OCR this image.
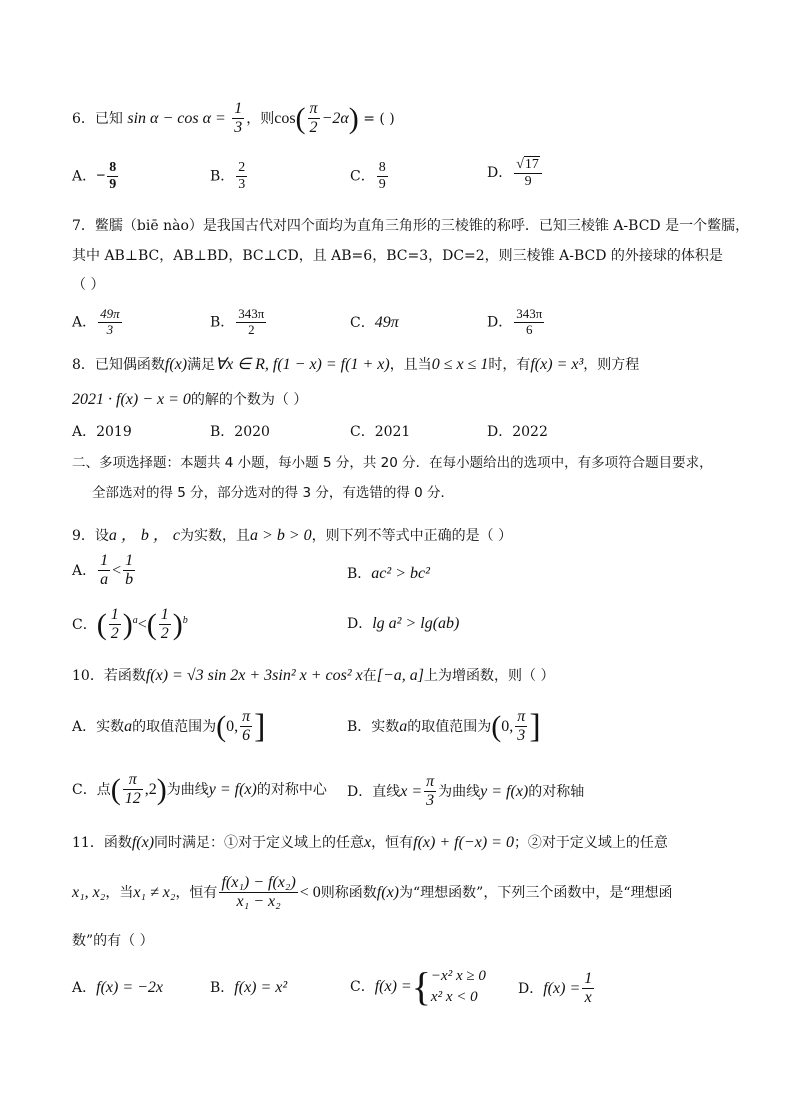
6．已知 $\sin \alpha - \cos \alpha = \frac{1}{3}$ ，则$\cos( \frac{\pi}{2} -2\alpha)$ = ( )
A．− $\frac{8}{9}$	B． $\frac{2}{3}$	C． $\frac{8}{9}$	D． $\frac{√17}{9}$
7．鳖臑（biē nào）是我国古代对四个面均为直角三角形的三棱锥的称呼．已知三棱锥 A-BCD 是一个鳖臑，
其中 AB⊥BC，AB⊥BD，BC⊥CD，且 AB=6，BC=3，DC=2，则三棱锥 A-BCD 的外接球的体积是
（ ）
A． $\frac{49\pi}{3}$	B． $\frac{343\pi}{2}$	C．49π	D． $\frac{343\pi}{6}$
8．已知偶函数f(x)满足∀x ∈ R, f(1 − x) = f(1 + x)，且当0 ≤ x ≤ 1时，有f(x) = x³，则方程
2021 · f(x) − x = 0的解的个数为（ ）
A．2019	B．2020	C．2021	D．2022
二、多项选择题：本题共 4 小题，每小题 5 分，共 20 分．在每小题给出的选项中，有多项符合题目要求，
全部选对的得 5 分，部分选对的得 3 分，有选错的得 0 分．
9．设a ， b ， c为实数，且a > b > 0，则下列不等式中正确的是（ ）
A． $\frac{1}{a} < \frac{1}{b}$	B．ac² > bc²
C．( $\frac{1}{2} )^a<( \frac{1}{2} )^b$	D．lg a² > lg(ab)
10．若函数f(x) = √3 sin 2x + 3sin² x + cos² x在[−a, a]上为增函数，则（ ）
A．实数a的取值范围为(0, $\frac{\pi}{6}$ ]	B．实数a的取值范围为(0, $\frac{\pi}{3}$ ]
C．点( $\frac{\pi}{12} ,2$)为曲线y = f(x)的对称中心 D．直线$x = \frac{\pi}{3}$ 为曲线y = f(x)的对称轴
11．函数f(x)同时满足：①对于定义域上的任意x，恒有f(x) + f(−x) = 0；②对于定义域上的任意
x₁, x₂，当x₁ ≠ x₂，恒有 $\frac{\text{f(x₁) − f(x₂)}}{\text{x₁ − x₂}} < 0$则称函数f(x)为“理想函数”，下列三个函数中，是“理想函
数”的有（ ）
A．f(x) = −2x	B．f(x) = x²	C．f(x) ={ −x² x ≥ 0
x² x < 0
D．$f(x) = \frac{1}{x}$
